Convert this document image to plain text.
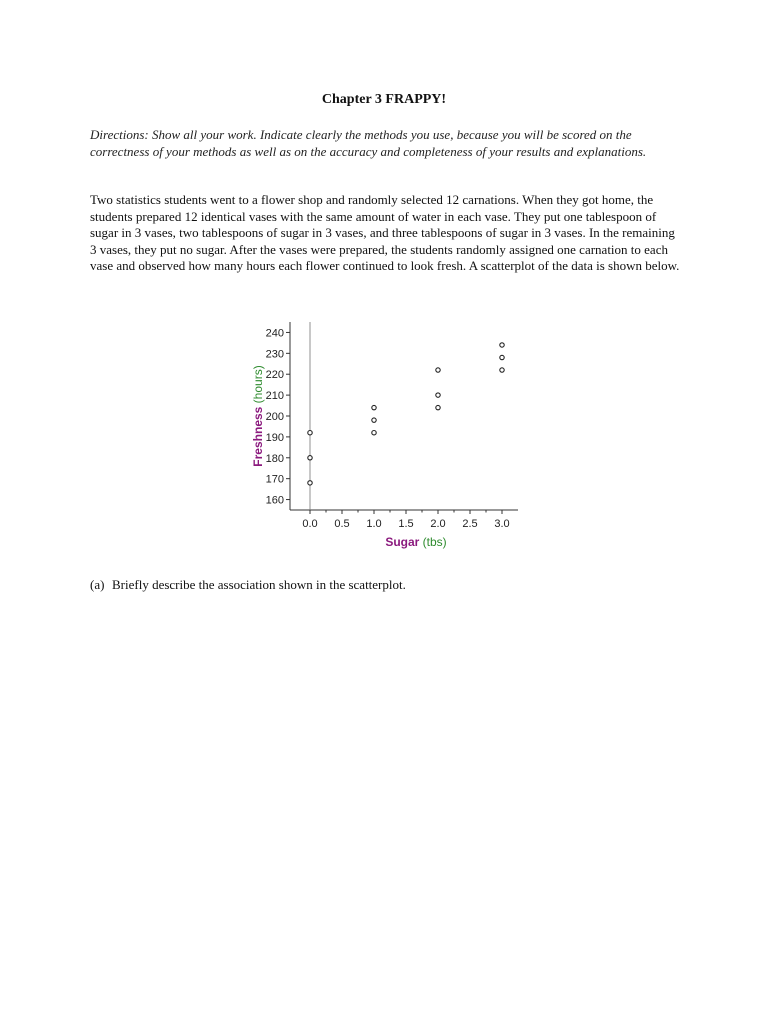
Chapter 3 FRAPPY!

Directions: Show all your work. Indicate clearly the methods you use, because you will be scored on the correctness of your methods as well as on the accuracy and completeness of your results and explanations.

Two statistics students went to a flower shop and randomly selected 12 carnations. When they got home, the students prepared 12 identical vases with the same amount of water in each vase. They put one tablespoon of sugar in 3 vases, two tablespoons of sugar in 3 vases, and three tablespoons of sugar in 3 vases. In the remaining 3 vases, they put no sugar. After the vases were prepared, the students randomly assigned one carnation to each vase and observed how many hours each flower continued to look fresh. A scatterplot of the data is shown below.

160
170
180
190
200
210
220
230
240
0.0 0.5 1.0 1.5 2.0 2.5 3.0
Sugar (tbs)
Freshness (hours)

(a) Briefly describe the association shown in the scatterplot.
